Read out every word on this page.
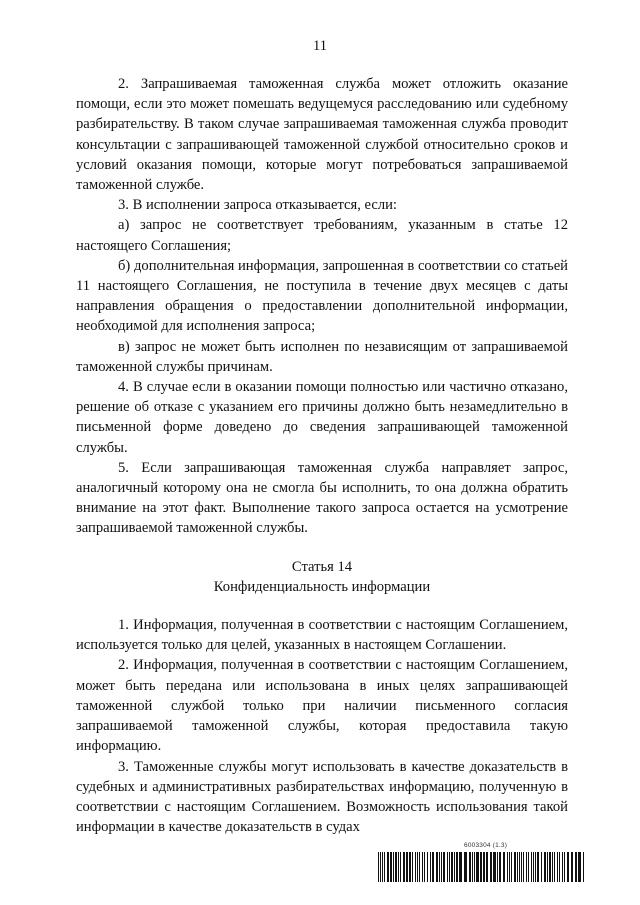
11

2. Запрашиваемая таможенная служба может отложить оказание помощи, если это может помешать ведущемуся расследованию или судебному разбирательству. В таком случае запрашиваемая таможенная служба проводит консультации с запрашивающей таможенной службой относительно сроков и условий оказания помощи, которые могут потребоваться запрашиваемой таможенной службе.

3. В исполнении запроса отказывается, если:

а) запрос не соответствует требованиям, указанным в статье 12 настоящего Соглашения;

б) дополнительная информация, запрошенная в соответствии со статьей 11 настоящего Соглашения, не поступила в течение двух месяцев с даты направления обращения о предоставлении дополнительной информации, необходимой для исполнения запроса;

в) запрос не может быть исполнен по независящим от запрашиваемой таможенной службы причинам.

4. В случае если в оказании помощи полностью или частично отказано, решение об отказе с указанием его причины должно быть незамедлительно в письменной форме доведено до сведения запрашивающей таможенной службы.

5. Если запрашивающая таможенная служба направляет запрос, аналогичный которому она не смогла бы исполнить, то она должна обратить внимание на этот факт. Выполнение такого запроса остается на усмотрение запрашиваемой таможенной службы.

Статья 14

Конфиденциальность информации

1. Информация, полученная в соответствии с настоящим Соглашением, используется только для целей, указанных в настоящем Соглашении.

2. Информация, полученная в соответствии с настоящим Соглашением, может быть передана или использована в иных целях запрашивающей таможенной службой только при наличии письменного согласия запрашиваемой таможенной службы, которая предоставила такую информацию.

3. Таможенные службы могут использовать в качестве доказательств в судебных и административных разбирательствах информацию, полученную в соответствии с настоящим Соглашением. Возможность использования такой информации в качестве доказательств в судах

6003304 (1.3)
